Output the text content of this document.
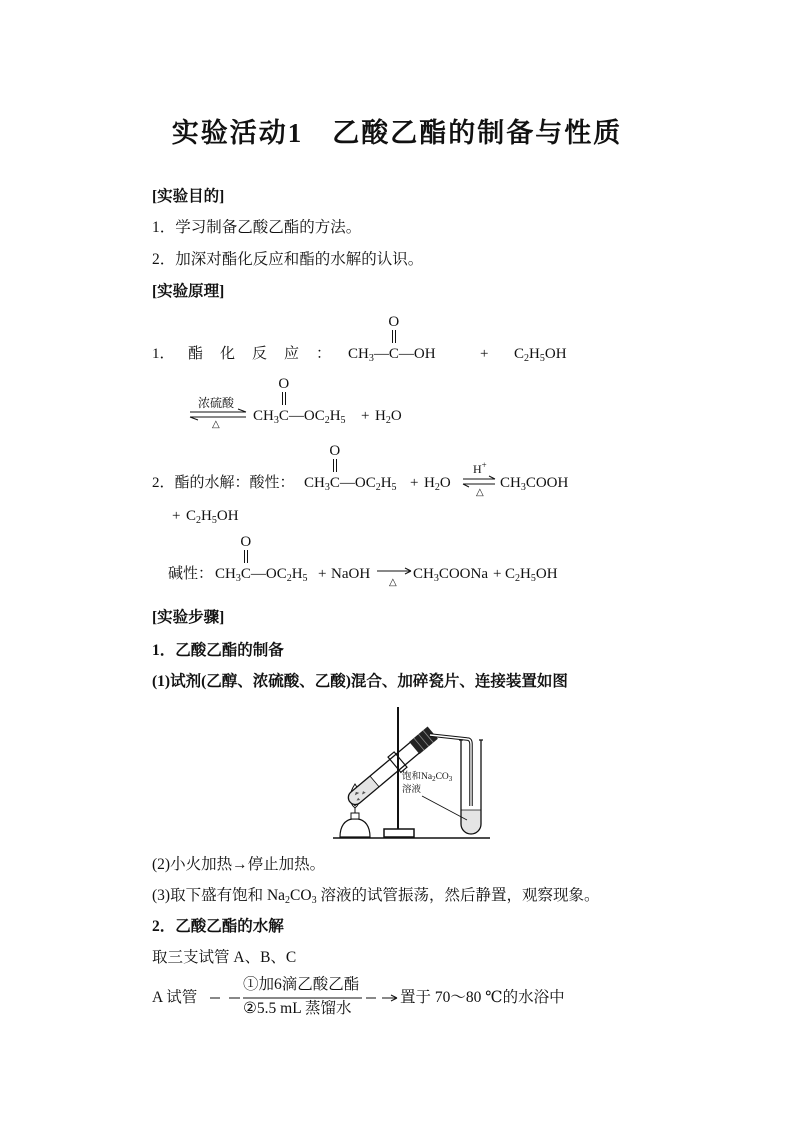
实验活动1　乙酸乙酯的制备与性质
[实验目的]
1．学习制备乙酸乙酯的方法。
2．加深对酯化反应和酯的水解的认识。
[实验原理]
1． 酯化反应： $CH_3—$
O
C—OH	+ $C_2H_5OH$
浓硫酸
△
$CH_3$
O
$C—OC_2H_5 + H_2O$
2．酯的水解：酸性： $CH_3$
O
$C—OC_2H_5 + H_2O$
H+
△
$CH_3COOH$
+ $C_2H_5OH$
碱性： $CH_3$
O
$C—OC_2H_5$ + NaOH →
△
$CH_3COONa + C_2H_5OH$
[实验步骤]
1．乙酸乙酯的制备
(1)试剂(乙醇、浓硫酸、乙酸)混合、加碎瓷片、连接装置如图
饱和$Na_2CO_3$
溶液
(2)小火加热→停止加热。
(3)取下盛有饱和 $Na_2CO_3$ 溶液的试管振荡，然后静置，观察现象。
2．乙酸乙酯的水解
取三支试管 A、B、C
A 试管
①加6滴乙酸乙酯
②5.5 mL 蒸馏水
置于 70～80 ℃的水浴中
